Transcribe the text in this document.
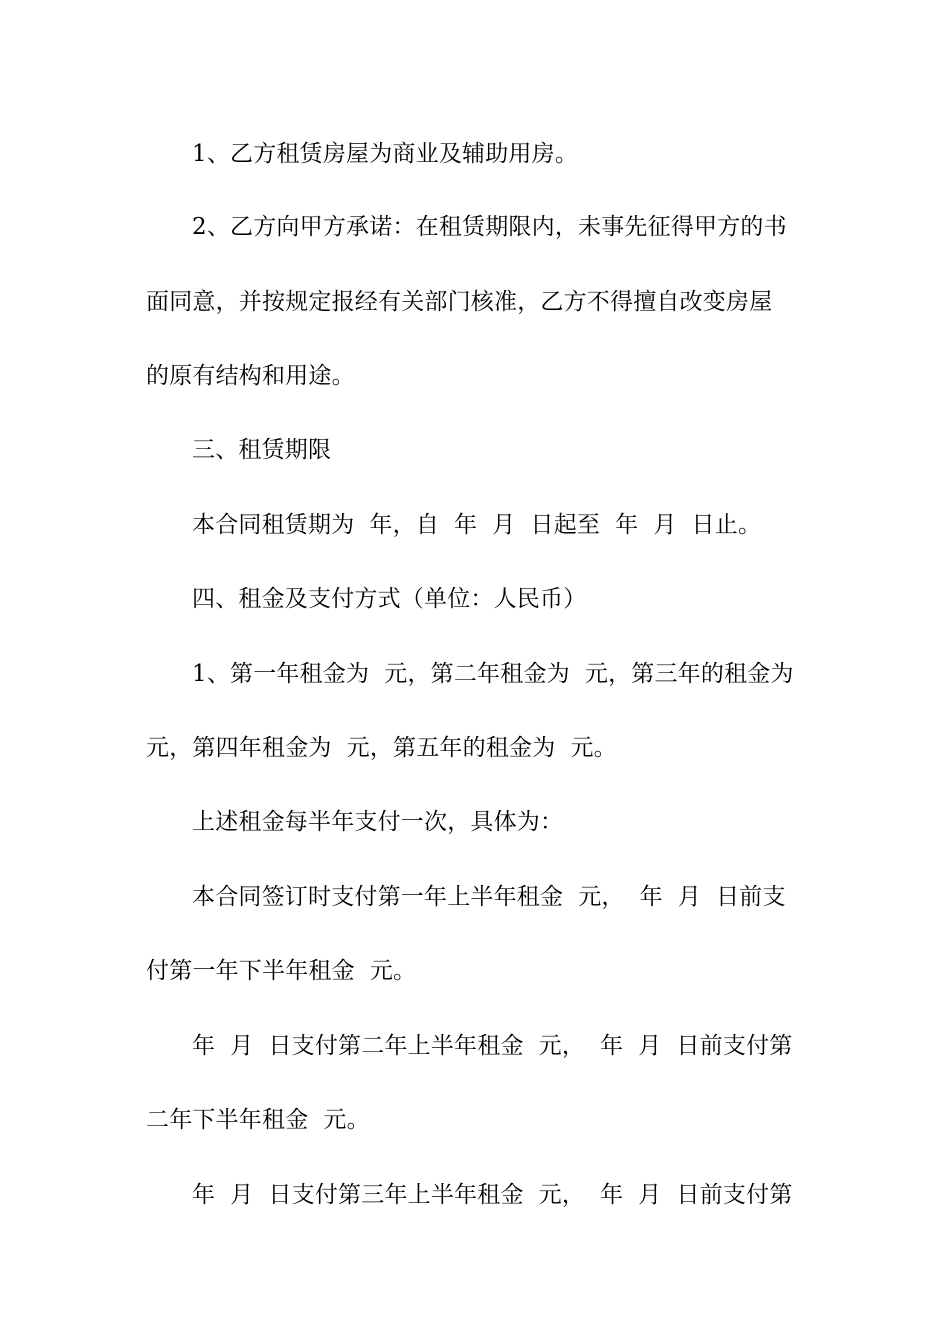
1、乙方租赁房屋为商业及辅助用房。
2、乙方向甲方承诺：在租赁期限内，未事先征得甲方的书
面同意，并按规定报经有关部门核准，乙方不得擅自改变房屋
的原有结构和用途。
三、租赁期限
本合同租赁期为  年，自  年  月  日起至  年  月  日止。
四、租金及支付方式（单位：人民币）
1、第一年租金为  元，第二年租金为  元，第三年的租金为
元，第四年租金为  元，第五年的租金为  元。
上述租金每半年支付一次，具体为：
本合同签订时支付第一年上半年租金  元，  年  月  日前支
付第一年下半年租金  元。
年  月  日支付第二年上半年租金  元，  年  月  日前支付第
二年下半年租金  元。
年  月  日支付第三年上半年租金  元，  年  月  日前支付第
